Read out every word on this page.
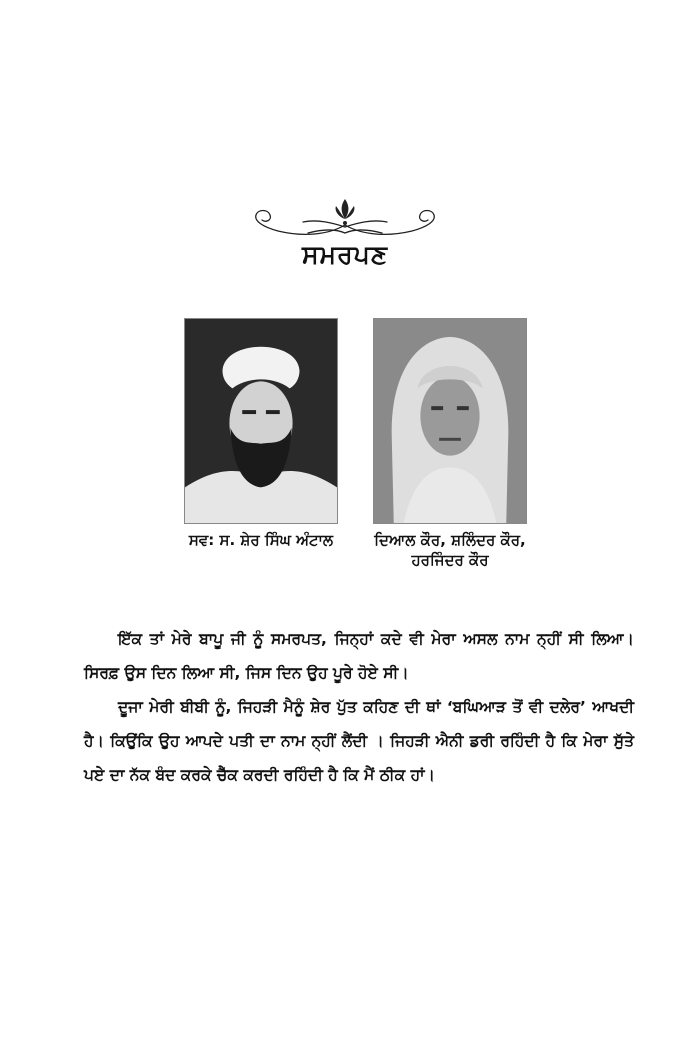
ਸਮਰਪਣ
ਸਵ: ਸ. ਸ਼ੇਰ ਸਿੰਘ ਅੰਟਾਲ	ਦਿਆਲ ਕੌਰ, ਸ਼ਲਿੰਦਰ ਕੌਰ,
ਹਰਜਿੰਦਰ ਕੌਰ

ਇੱਕ ਤਾਂ ਮੇਰੇ ਬਾਪੂ ਜੀ ਨੂੰ ਸਮਰਪਤ, ਜਿਨ੍ਹਾਂ ਕਦੇ ਵੀ ਮੇਰਾ ਅਸਲ ਨਾਮ ਨ੍ਹੀਂ ਸੀ ਲਿਆ। ਸਿਰਫ਼ ਉਸ ਦਿਨ ਲਿਆ ਸੀ, ਜਿਸ ਦਿਨ ਉਹ ਪੂਰੇ ਹੋਏ ਸੀ।

ਦੂਜਾ ਮੇਰੀ ਬੀਬੀ ਨੂੰ, ਜਿਹੜੀ ਮੈਨੂੰ ਸ਼ੇਰ ਪੁੱਤ ਕਹਿਣ ਦੀ ਥਾਂ ‘ਬਘਿਆੜ ਤੋਂ ਵੀ ਦਲੇਰ’ ਆਖਦੀ ਹੈ। ਕਿਉਂਕਿ ਉਹ ਆਪਦੇ ਪਤੀ ਦਾ ਨਾਮ ਨ੍ਹੀਂ ਲੈਂਦੀ । ਜਿਹੜੀ ਐਨੀ ਡਰੀ ਰਹਿੰਦੀ ਹੈ ਕਿ ਮੇਰਾ ਸੁੱਤੇ ਪਏ ਦਾ ਨੱਕ ਬੰਦ ਕਰਕੇ ਚੈੱਕ ਕਰਦੀ ਰਹਿੰਦੀ ਹੈ ਕਿ ਮੈਂ ਠੀਕ ਹਾਂ।
